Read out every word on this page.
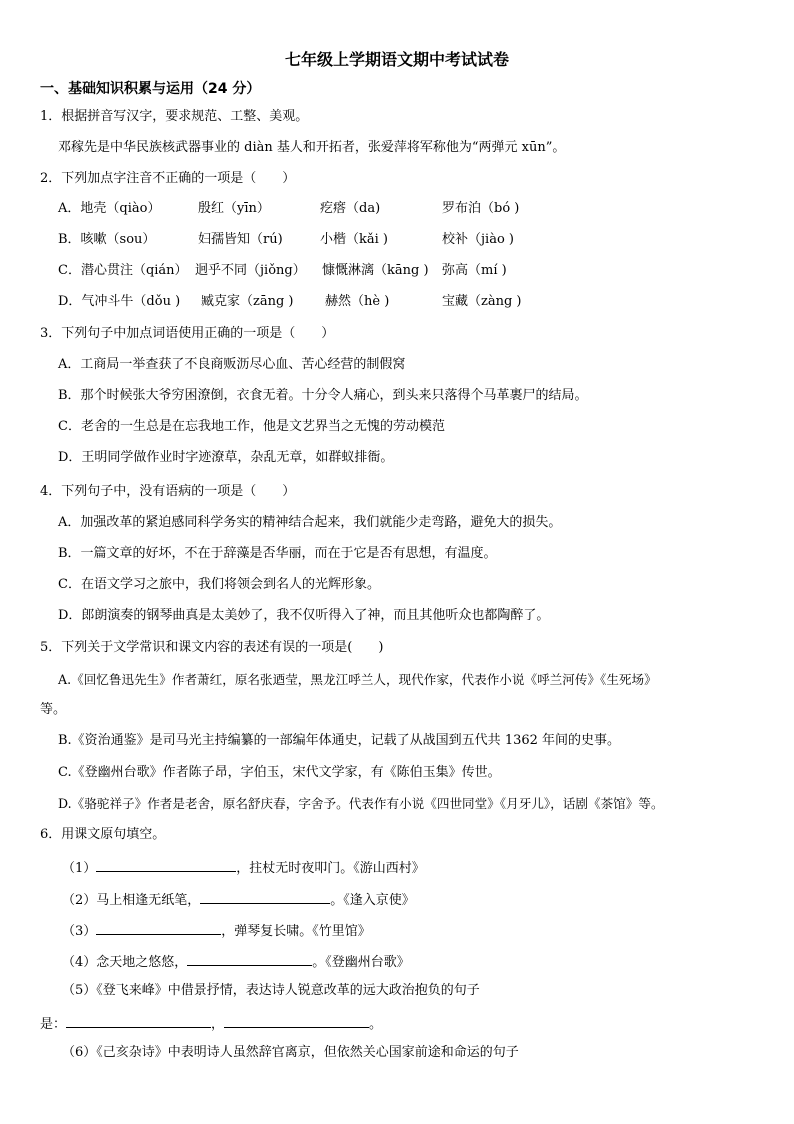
七年级上学期语文期中考试试卷
一、基础知识积累与运用（24 分）
1．根据拼音写汉字，要求规范、工整、美观。
邓稼先是中华民族核武器事业的 diàn 基人和开拓者，张爱萍将军称他为“两弹元 xūn”。
2．下列加点字注音不正确的一项是（　　）
A．地壳（qiào）	殷红（yīn）	疙瘩（da)	罗布泊（bó )
B．咳嗽（sou）	妇孺皆知（rú)	小楷（kǎi )	校补（jiào )
C．潜心贯注（qián） 迥乎不同（jiǒng） 慷慨淋漓（kāng ) 弥高（mí )
D．气冲斗牛（dǒu ) 臧克家（zāng ) 赫然（hè )	宝藏（zàng )
3．下列句子中加点词语使用正确的一项是（　　）
A．工商局一举查获了不良商贩沥尽心血、苦心经营的制假窝
B．那个时候张大爷穷困潦倒，衣食无着。十分令人痛心，到头来只落得个马革裹尸的结局。
C．老舍的一生总是在忘我地工作，他是文艺界当之无愧的劳动模范
D．王明同学做作业时字迹潦草，杂乱无章，如群蚁排衙。
4．下列句子中，没有语病的一项是（　　）
A．加强改革的紧迫感同科学务实的精神结合起来，我们就能少走弯路，避免大的损失。
B．一篇文章的好坏，不在于辞藻是否华丽，而在于它是否有思想，有温度。
C．在语文学习之旅中，我们将领会到名人的光辉形象。
D．郎朗演奏的钢琴曲真是太美妙了，我不仅听得入了神，而且其他听众也都陶醉了。
5．下列关于文学常识和课文内容的表述有误的一项是(　　)
A.《回忆鲁迅先生》作者萧红，原名张迺莹，黑龙江呼兰人，现代作家，代表作小说《呼兰河传》《生死场》
等。
B.《资治通鉴》是司马光主持编纂的一部编年体通史，记载了从战国到五代共 1362 年间的史事。
C.《登幽州台歌》作者陈子昂，字伯玉，宋代文学家，有《陈伯玉集》传世。
D.《骆驼祥子》作者是老舍，原名舒庆春，字舍予。代表作有小说《四世同堂》《月牙儿》，话剧《茶馆》等。
6．用课文原句填空。
（1）	，拄杖无时夜叩门。《游山西村》
（2）马上相逢无纸笔，	。《逢入京使》
（3）	，弹琴复长啸。《竹里馆》
（4）念天地之悠悠，	。《登幽州台歌》
（5）《登飞来峰》中借景抒情，表达诗人锐意改革的远大政治抱负的句子
是：	，	。
（6）《己亥杂诗》中表明诗人虽然辞官离京，但依然关心国家前途和命运的句子
